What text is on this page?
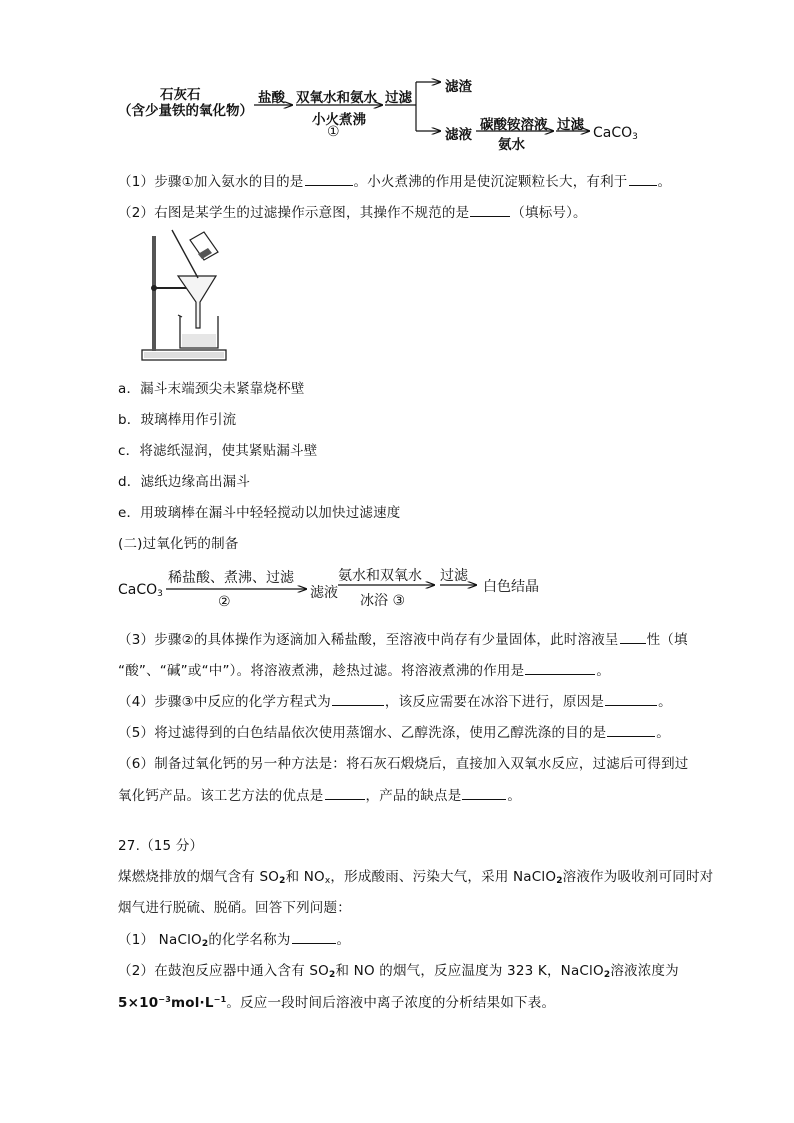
石灰石
（含少量铁的氧化物）
盐酸 双氧水和氨水
小火煮沸
①
过滤
滤渣
滤液
碳酸铵溶液
氨水
过滤 CaCO$_3$
（1）步骤①加入氨水的目的是	。小火煮沸的作用是使沉淀颗粒长大，有利于 。
（2）右图是某学生的过滤操作示意图，其操作不规范的是	（填标号）。
a．漏斗末端颈尖未紧靠烧杯壁
b．玻璃棒用作引流
c．将滤纸湿润，使其紧贴漏斗壁
d．滤纸边缘高出漏斗
e．用玻璃棒在漏斗中轻轻搅动以加快过滤速度
(二)过氧化钙的制备
CaCO$_3$
稀盐酸、煮沸、过滤
②
滤液
氨水和双氧水
冰浴 ③
过滤
白色结晶
（3）步骤②的具体操作为逐滴加入稀盐酸，至溶液中尚存有少量固体，此时溶液呈 性（填
“酸”、“碱”或“中”）。将溶液煮沸，趁热过滤。将溶液煮沸的作用是	。
（4）步骤③中反应的化学方程式为	，该反应需要在冰浴下进行，原因是	。
（5）将过滤得到的白色结晶依次使用蒸馏水、乙醇洗涤，使用乙醇洗涤的目的是	。
（6）制备过氧化钙的另一种方法是：将石灰石煅烧后，直接加入双氧水反应，过滤后可得到过
氧化钙产品。该工艺方法的优点是	，产品的缺点是	。
27.（15 分）
煤燃烧排放的烟气含有 $SO_2$和 $NO_x$，形成酸雨、污染大气，采用 NaClO$_2$溶液作为吸收剂可同时对
烟气进行脱硫、脱硝。回答下列问题：
（1） NaClO$_2$的化学名称为	。
（2）在鼓泡反应器中通入含有 $SO_2$和 NO 的烟气，反应温度为 323 K，NaClO$_2$溶液浓度为
$5\times 10^{-3}mol\cdot L^{-1}$。反应一段时间后溶液中离子浓度的分析结果如下表。
